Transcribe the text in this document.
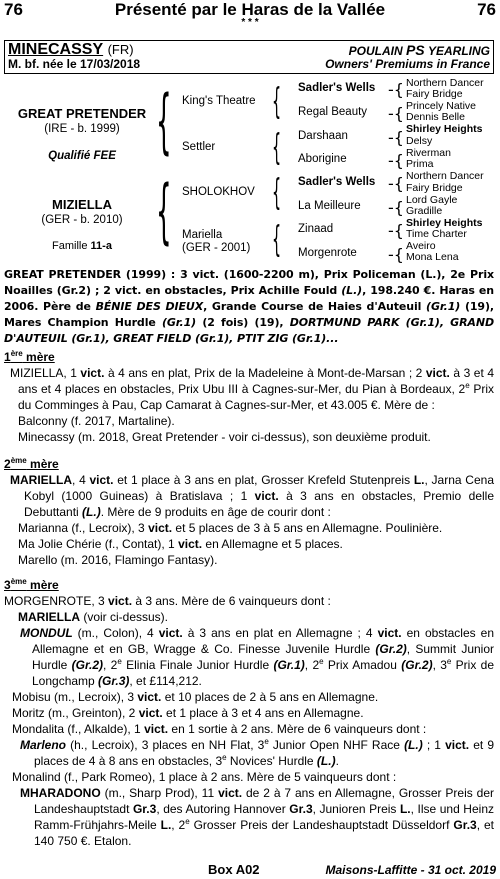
76	Présenté par le Haras de la Vallée	76
* * *
MINECASSY (FR)	POULAIN PS YEARLING
M. bf. née le 17/03/2018	Owners' Premiums in France
GREAT PRETENDER
(IRE - b. 1999)
Qualifié FEE
MIZIELLA
(GER - b. 2010)
Famille 11-a
{
{
King's Theatre
Settler
SHOLOKHOV
Mariella
(GER - 2001)
{
{
{
{
Sadler's Wells
Regal Beauty
Darshaan
Aborigine
Sadler's Wells
La Meilleure
Zinaad
Morgenrote
-{
-{
-{
-{
-{
-{
-{
-{
Northern Dancer
Fairy Bridge
Princely Native
Dennis Belle
Shirley Heights
Delsy
Riverman
Prima
Northern Dancer
Fairy Bridge
Lord Gayle
Gradille
Shirley Heights
Time Charter
Aveiro
Mona Lena

GREAT PRETENDER (1999) : 3 vict. (1600-2200 m), Prix Policeman (L.), 2e Prix Noailles (Gr.2) ; 2 vict. en obstacles, Prix Achille Fould (L.), 198.240 €. Haras en 2006. Père de BÉNIE DES DIEUX, Grande Course de Haies d'Auteuil (Gr.1) (19), Mares Champion Hurdle (Gr.1) (2 fois) (19), DORTMUND PARK (Gr.1), GRAND D'AUTEUIL (Gr.1), GREAT FIELD (Gr.1), PTIT ZIG (Gr.1)...

1ère mère

MIZIELLA, 1 vict. à 4 ans en plat, Prix de la Madeleine à Mont-de-Marsan ; 2 vict. à 3 et 4 ans et 4 places en obstacles, Prix Ubu III à Cagnes-sur-Mer, du Pian à Bordeaux, 2e Prix du Comminges à Pau, Cap Camarat à Cagnes-sur-Mer, et 43.005 €. Mère de :

Balconny (f. 2017, Martaline).

Minecassy (m. 2018, Great Pretender - voir ci-dessus), son deuxième produit.

2ème mère

MARIELLA, 4 vict. et 1 place à 3 ans en plat, Grosser Krefeld Stutenpreis L., Jarna Cena Kobyl (1000 Guineas) à Bratislava ; 1 vict. à 3 ans en obstacles, Premio delle Debuttanti (L.). Mère de 9 produits en âge de courir dont :

Marianna (f., Lecroix), 3 vict. et 5 places de 3 à 5 ans en Allemagne. Poulinière.

Ma Jolie Chérie (f., Contat), 1 vict. en Allemagne et 5 places.

Marello (m. 2016, Flamingo Fantasy).

3ème mère

MORGENROTE, 3 vict. à 3 ans. Mère de 6 vainqueurs dont :

MARIELLA (voir ci-dessus).

MONDUL (m., Colon), 4 vict. à 3 ans en plat en Allemagne ; 4 vict. en obstacles en Allemagne et en GB, Wragge & Co. Finesse Juvenile Hurdle (Gr.2), Summit Junior Hurdle (Gr.2), 2e Elinia Finale Junior Hurdle (Gr.1), 2e Prix Amadou (Gr.2), 3e Prix de Longchamp (Gr.3), et £114,212.

Mobisu (m., Lecroix), 3 vict. et 10 places de 2 à 5 ans en Allemagne.

Moritz (m., Greinton), 2 vict. et 1 place à 3 et 4 ans en Allemagne.

Mondalita (f., Alkalde), 1 vict. en 1 sortie à 2 ans. Mère de 6 vainqueurs dont :

Marleno (h., Lecroix), 3 places en NH Flat, 3e Junior Open NHF Race (L.) ; 1 vict. et 9 places de 4 à 8 ans en obstacles, 3e Novices' Hurdle (L.).

Monalind (f., Park Romeo), 1 place à 2 ans. Mère de 5 vainqueurs dont :

MHARADONO (m., Sharp Prod), 11 vict. de 2 à 7 ans en Allemagne, Grosser Preis der Landeshauptstadt Gr.3, des Autoring Hannover Gr.3, Junioren Preis L., Ilse und Heinz Ramm-Frühjahrs-Meile L., 2e Grosser Preis der Landeshauptstadt Düsseldorf Gr.3, et 140 750 €. Etalon.

Box A02	Maisons-Laffitte - 31 oct. 2019
